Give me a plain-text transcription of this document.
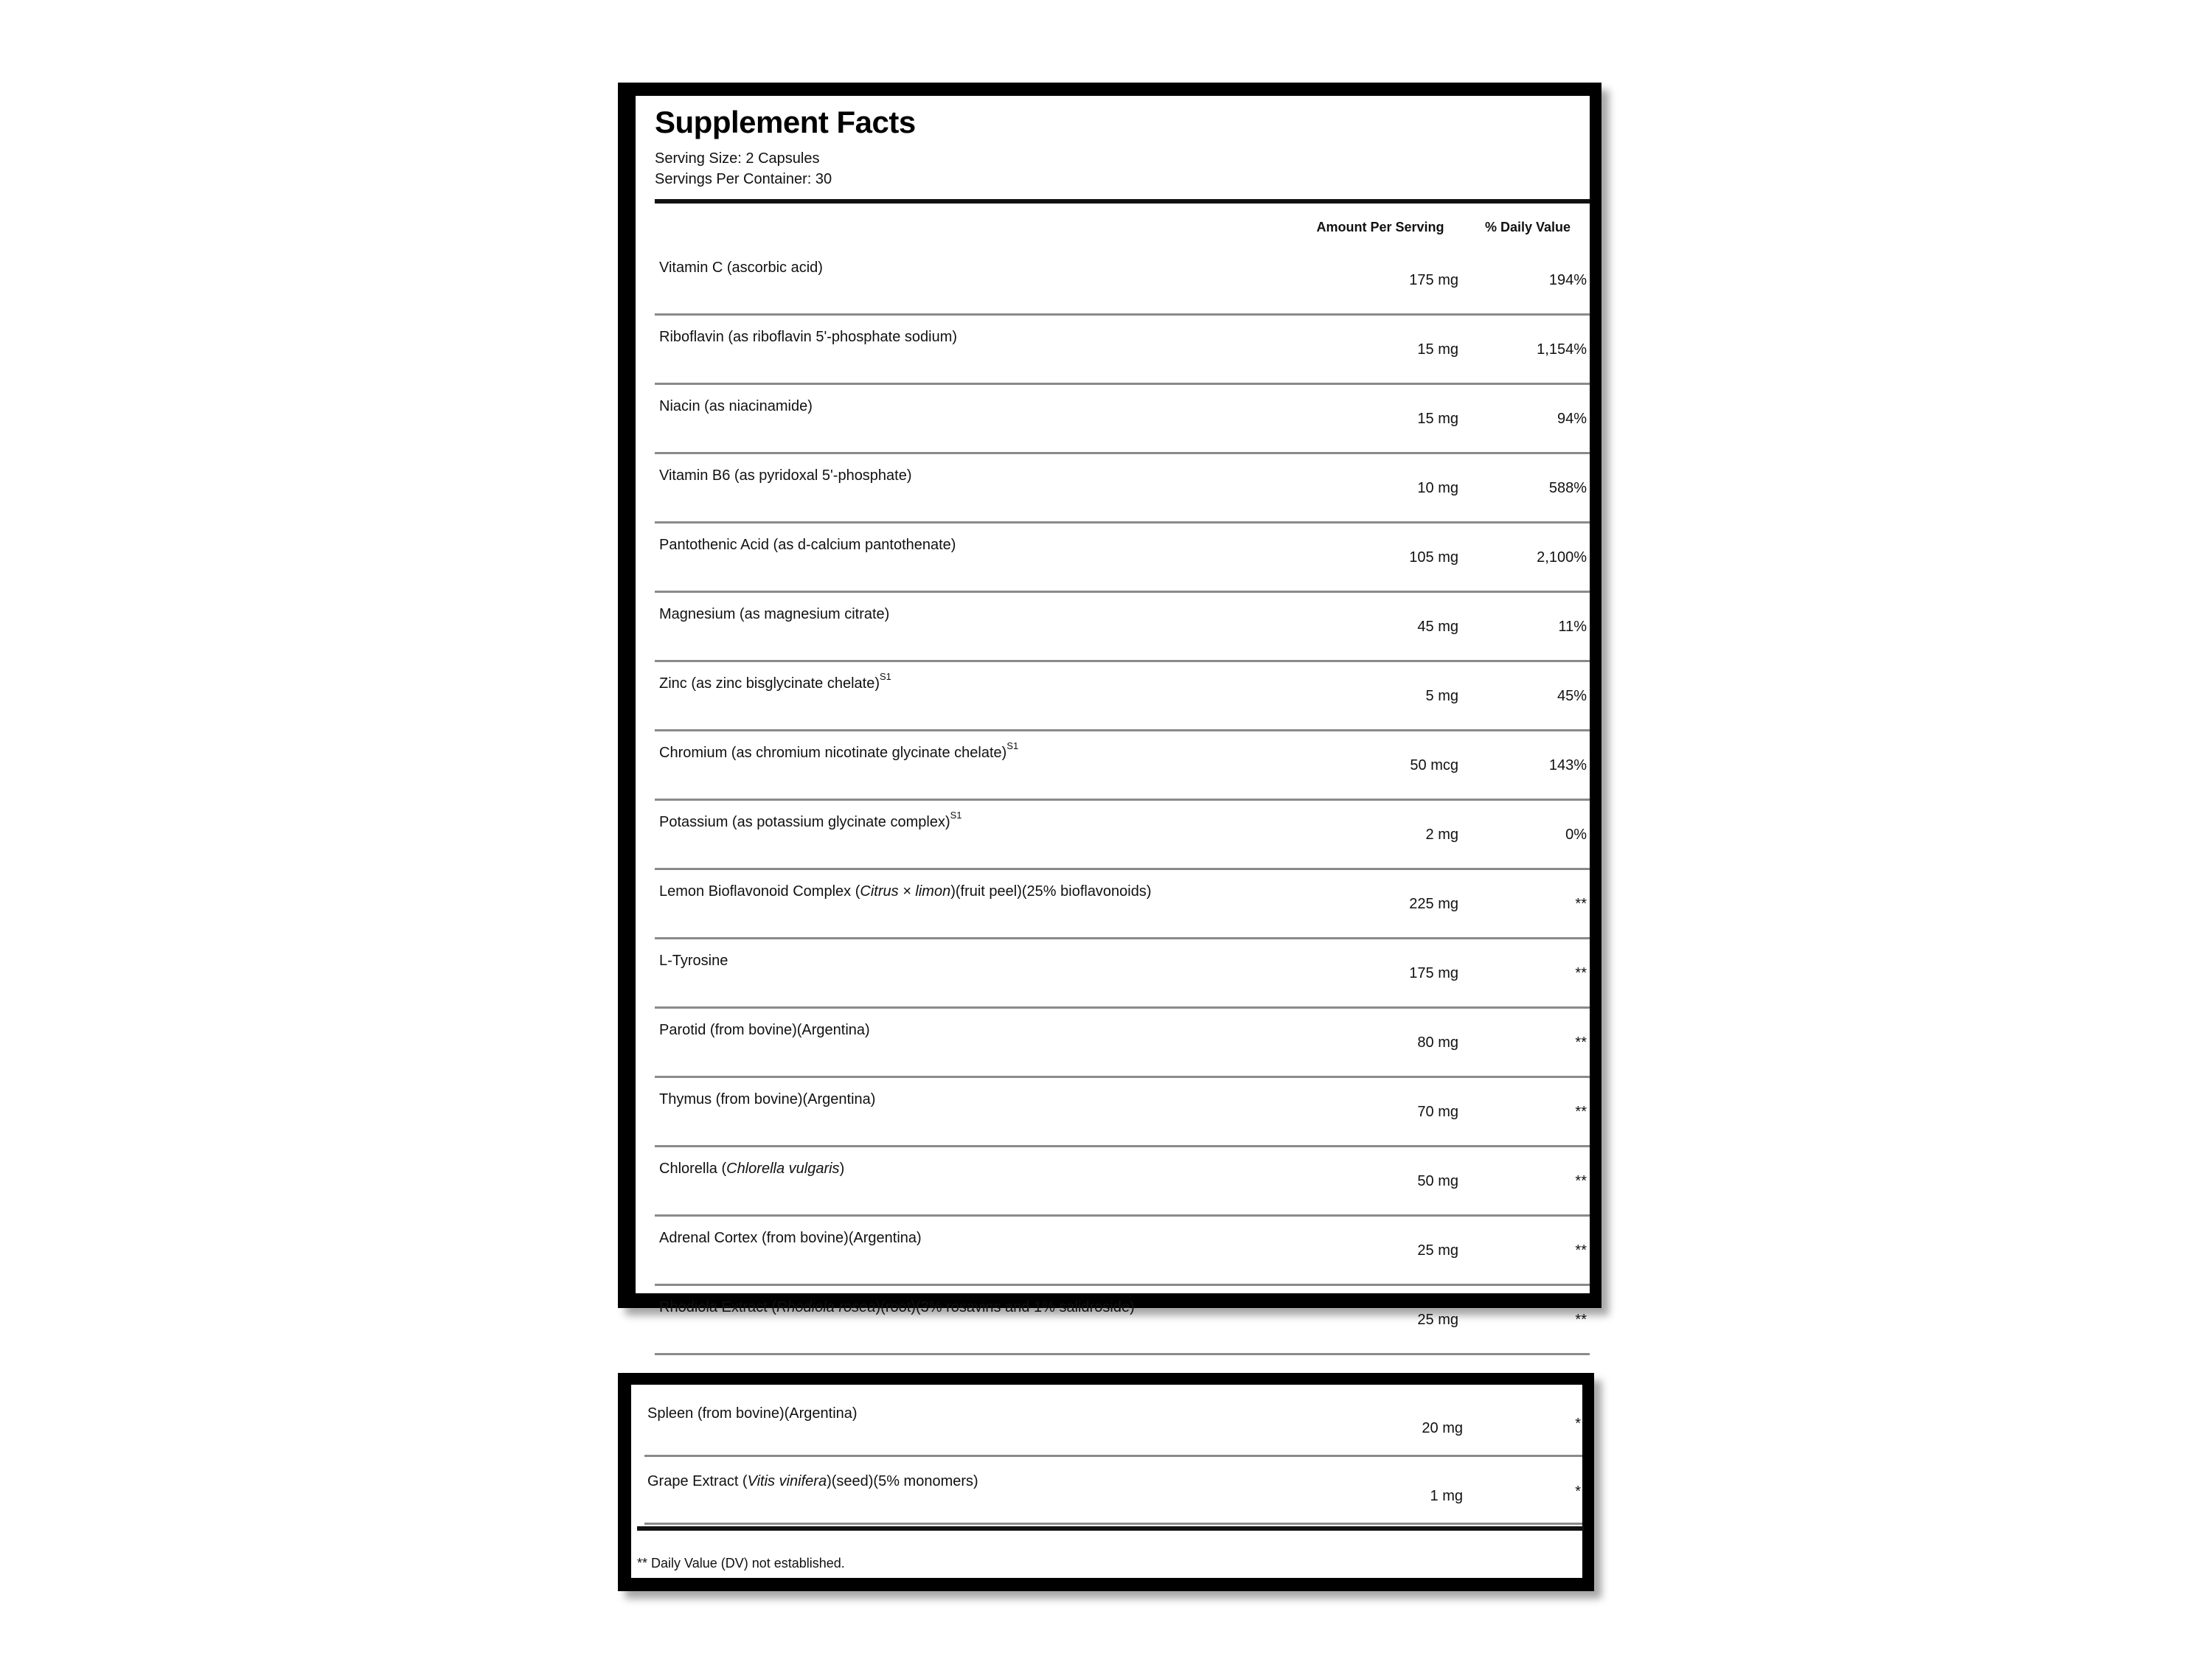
Supplement Facts
Serving Size: 2 Capsules
Servings Per Container: 30
Amount Per Serving	% Daily Value
Vitamin C (ascorbic acid)
175 mg	194%
Riboflavin (as riboflavin 5'-phosphate sodium)
15 mg	1,154%
Niacin (as niacinamide)
15 mg	94%
Vitamin B6 (as pyridoxal 5'-phosphate)
10 mg	588%
Pantothenic Acid (as d-calcium pantothenate)
105 mg	2,100%
Magnesium (as magnesium citrate)
45 mg	11%
Zinc (as zinc bisglycinate chelate)$^{S1}$
5 mg	45%
Chromium (as chromium nicotinate glycinate chelate)$^{S1}$
50 mcg	143%
Potassium (as potassium glycinate complex)$^{S1}$
2 mg	0%
Lemon Bioflavonoid Complex (Citrus × limon)(fruit peel)(25% bioflavonoids)
225 mg	**
L-Tyrosine
175 mg	**
Parotid (from bovine)(Argentina)
80 mg	**
Thymus (from bovine)(Argentina)
70 mg	**
Chlorella (Chlorella vulgaris)
50 mg	**
Adrenal Cortex (from bovine)(Argentina)
25 mg	**
Rhodiola Extract (Rhodiola rosea)(root)(3% rosavins and 1% salidroside)
25 mg	**
Spleen (from bovine)(Argentina)
20 mg	*
Grape Extract (Vitis vinifera)(seed)(5% monomers)
1 mg	*
** Daily Value (DV) not established.
